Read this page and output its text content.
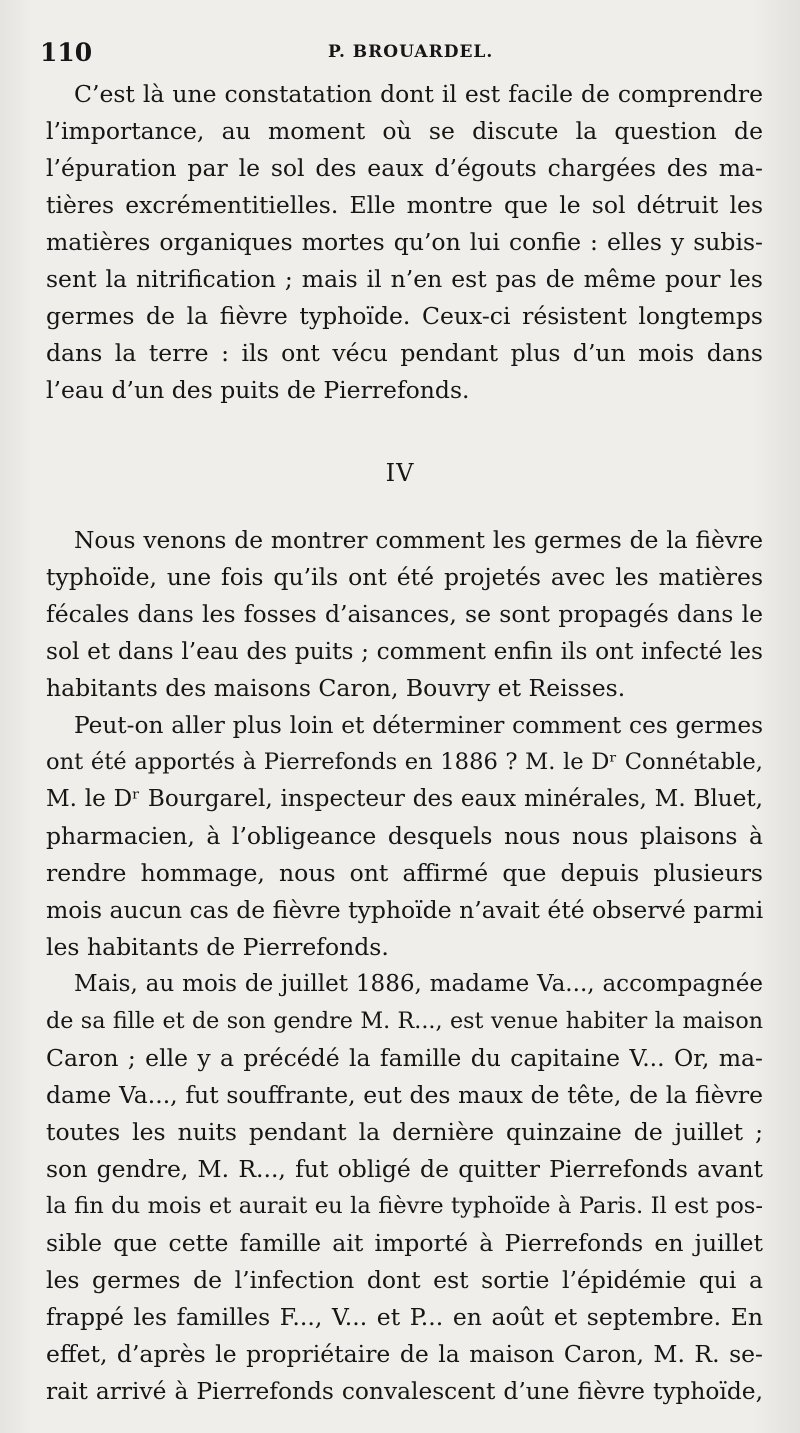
110	P. BROUARDEL.
C’est là une constatation dont il est facile de comprendre
l’importance, au moment où se discute la question de
l’épuration par le sol des eaux d’égouts chargées des ma-
tières excrémentitielles. Elle montre que le sol détruit les
matières organiques mortes qu’on lui confie : elles y subis-
sent la nitrification ; mais il n’en est pas de même pour les
germes de la fièvre typhoïde. Ceux-ci résistent longtemps
dans la terre : ils ont vécu pendant plus d’un mois dans
l’eau d’un des puits de Pierrefonds.
IV
Nous venons de montrer comment les germes de la fièvre
typhoïde, une fois qu’ils ont été projetés avec les matières
fécales dans les fosses d’aisances, se sont propagés dans le
sol et dans l’eau des puits ; comment enfin ils ont infecté les
habitants des maisons Caron, Bouvry et Reisses.
Peut-on aller plus loin et déterminer comment ces germes
ont été apportés à Pierrefonds en 1886 ? M. le Dʳ Connétable,
M. le Dʳ Bourgarel, inspecteur des eaux minérales, M. Bluet,
pharmacien, à l’obligeance desquels nous nous plaisons à
rendre hommage, nous ont affirmé que depuis plusieurs
mois aucun cas de fièvre typhoïde n’avait été observé parmi
les habitants de Pierrefonds.
Mais, au mois de juillet 1886, madame Va..., accompagnée
de sa fille et de son gendre M. R..., est venue habiter la maison
Caron ; elle y a précédé la famille du capitaine V... Or, ma-
dame Va..., fut souffrante, eut des maux de tête, de la fièvre
toutes les nuits pendant la dernière quinzaine de juillet ;
son gendre, M. R..., fut obligé de quitter Pierrefonds avant
la fin du mois et aurait eu la fièvre typhoïde à Paris. Il est pos-
sible que cette famille ait importé à Pierrefonds en juillet
les germes de l’infection dont est sortie l’épidémie qui a
frappé les familles F..., V... et P... en août et septembre. En
effet, d’après le propriétaire de la maison Caron, M. R. se-
rait arrivé à Pierrefonds convalescent d’une fièvre typhoïde,
